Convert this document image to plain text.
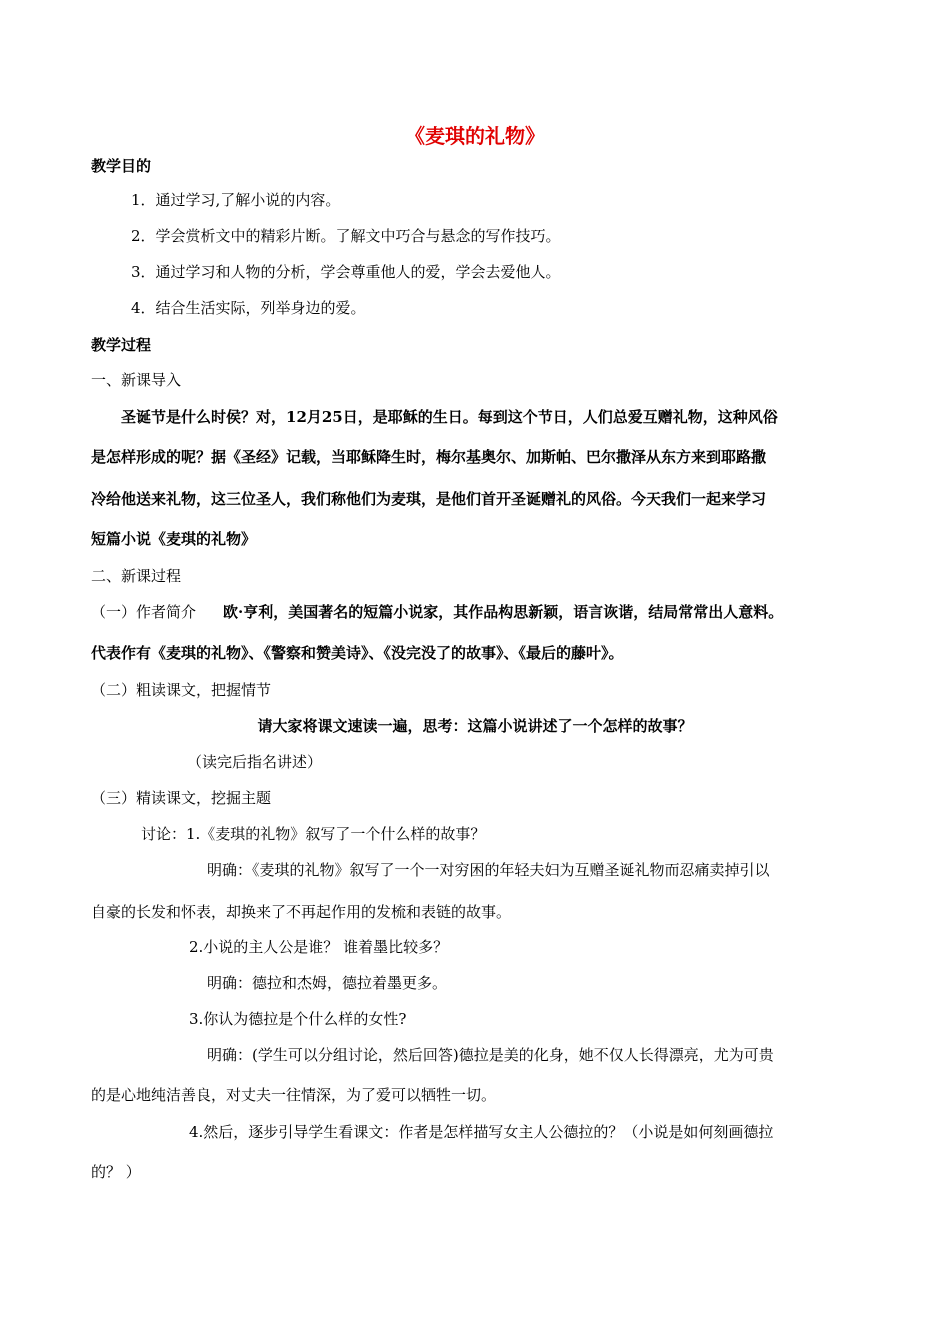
《麦琪的礼物》
教学目的
1．通过学习,了解小说的内容。
2．学会赏析文中的精彩片断。了解文中巧合与悬念的写作技巧。
3．通过学习和人物的分析，学会尊重他人的爱，学会去爱他人。
4．结合生活实际，列举身边的爱。
教学过程
一、新课导入
圣诞节是什么时侯？对，12月25日，是耶稣的生日。每到这个节日，人们总爱互赠礼物，这种风俗
是怎样形成的呢？据《圣经》记载，当耶稣降生时，梅尔基奥尔、加斯帕、巴尔撒泽从东方来到耶路撒
冷给他送来礼物，这三位圣人，我们称他们为麦琪，是他们首开圣诞赠礼的风俗。今天我们一起来学习
短篇小说《麦琪的礼物》
二、新课过程
（一）作者简介 欧·亨利，美国著名的短篇小说家，其作品构思新颖，语言诙谐，结局常常出人意料。
代表作有《麦琪的礼物》、《警察和赞美诗》、《没完没了的故事》、《最后的藤叶》。
（二）粗读课文，把握情节
请大家将课文速读一遍，思考：这篇小说讲述了一个怎样的故事？
（读完后指名讲述）
（三）精读课文，挖掘主题
讨论：1.《麦琪的礼物》叙写了一个什么样的故事？
明确：《麦琪的礼物》叙写了一个一对穷困的年轻夫妇为互赠圣诞礼物而忍痛卖掉引以
自豪的长发和怀表，却换来了不再起作用的发梳和表链的故事。
2.小说的主人公是谁？ 谁着墨比较多？
明确：德拉和杰姆，德拉着墨更多。
3.你认为德拉是个什么样的女性?
明确：(学生可以分组讨论，然后回答)德拉是美的化身，她不仅人长得漂亮，尤为可贵
的是心地纯洁善良，对丈夫一往情深，为了爱可以牺牲一切。
4.然后，逐步引导学生看课文：作者是怎样描写女主人公德拉的？（小说是如何刻画德拉
的？ ）
